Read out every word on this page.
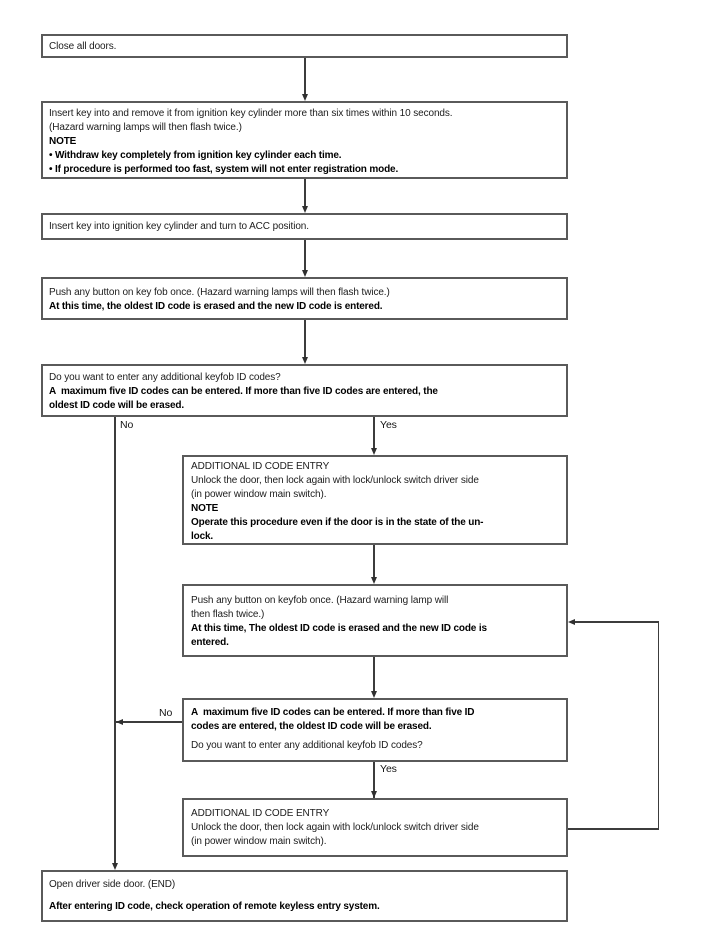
Close all doors.
Insert key into and remove it from ignition key cylinder more than six times within 10 seconds.
(Hazard warning lamps will then flash twice.)
NOTE
• Withdraw key completely from ignition key cylinder each time.
• If procedure is performed too fast, system will not enter registration mode.
Insert key into ignition key cylinder and turn to ACC position.
Push any button on key fob once. (Hazard warning lamps will then flash twice.)
At this time, the oldest ID code is erased and the new ID code is entered.
Do you want to enter any additional keyfob ID codes?
A  maximum five ID codes can be entered. If more than five ID codes are entered, the
oldest ID code will be erased.
No	Yes
ADDITIONAL ID CODE ENTRY
Unlock the door, then lock again with lock/unlock switch driver side
(in power window main switch).
NOTE
Operate this procedure even if the door is in the state of the un-
lock.
Push any button on keyfob once. (Hazard warning lamp will
then flash twice.)
At this time, The oldest ID code is erased and the new ID code is
entered.
A  maximum five ID codes can be entered. If more than five ID
codes are entered, the oldest ID code will be erased.
Do you want to enter any additional keyfob ID codes?
No
Yes
ADDITIONAL ID CODE ENTRY
Unlock the door, then lock again with lock/unlock switch driver side
(in power window main switch).
Open driver side door. (END)
After entering ID code, check operation of remote keyless entry system.
